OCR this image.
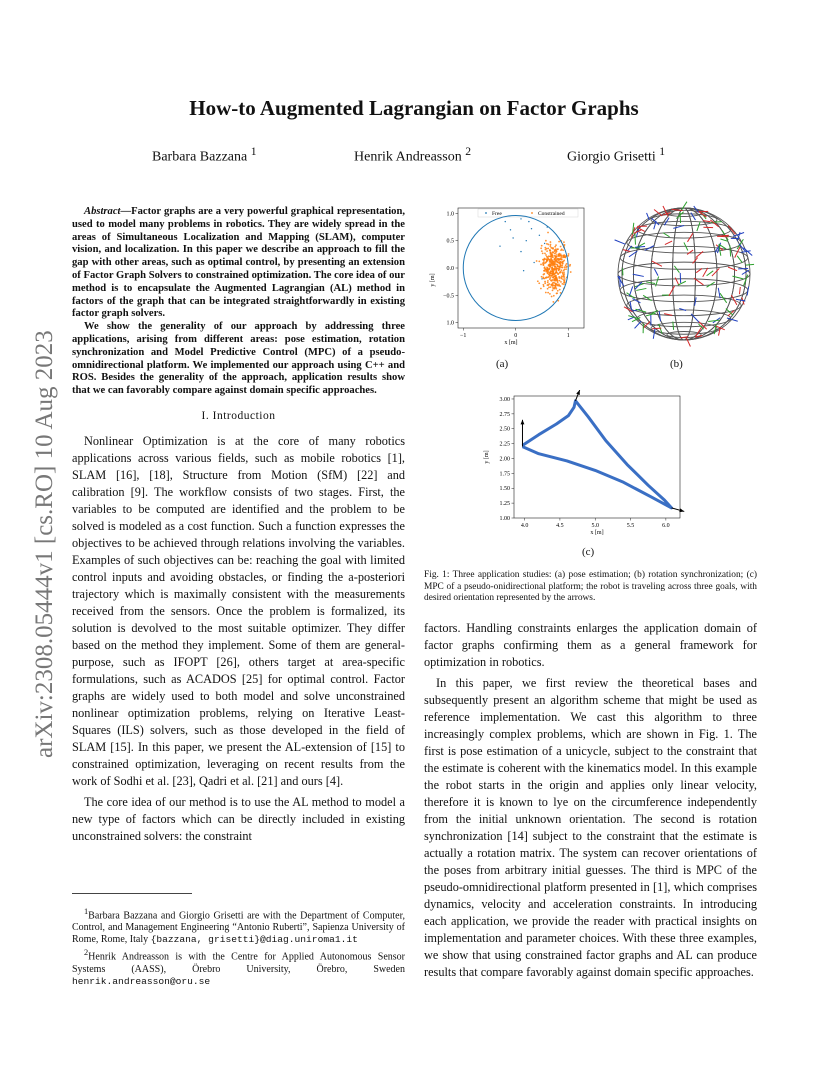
arXiv:2308.05444v1 [cs.RO] 10 Aug 2023
How-to Augmented Lagrangian on Factor Graphs
Barbara Bazzana $^1$	Henrik Andreasson $^2$	Giorgio Grisetti $^1$

Abstract—Factor graphs are a very powerful graphical representation, used to model many problems in robotics. They are widely spread in the areas of Simultaneous Localization and Mapping (SLAM), computer vision, and localization. In this paper we describe an approach to fill the gap with other areas, such as optimal control, by presenting an extension of Factor Graph Solvers to constrained optimization. The core idea of our method is to encapsulate the Augmented Lagrangian (AL) method in factors of the graph that can be integrated straightforwardly in existing factor graph solvers.

We show the generality of our approach by addressing three applications, arising from different areas: pose estimation, rotation synchronization and Model Predictive Control (MPC) of a pseudo-omnidirectional platform. We implemented our approach using C++ and ROS. Besides the generality of the approach, application results show that we can favorably compare against domain specific approaches.

I. Introduction

Nonlinear Optimization is at the core of many robotics applications across various fields, such as mobile robotics [1], SLAM [16], [18], Structure from Motion (SfM) [22] and calibration [9]. The workflow consists of two stages. First, the variables to be computed are identified and the problem to be solved is modeled as a cost function. Such a function expresses the objectives to be achieved through relations involving the variables. Examples of such objectives can be: reaching the goal with limited control inputs and avoiding obstacles, or finding the a-posteriori trajectory which is maximally consistent with the measurements received from the sensors. Once the problem is formalized, its solution is devolved to the most suitable optimizer. They differ based on the method they implement. Some of them are general-purpose, such as IFOPT [26], others target at area-specific formulations, such as ACADOS [25] for optimal control. Factor graphs are widely used to both model and solve unconstrained nonlinear optimization problems, relying on Iterative Least-Squares (ILS) solvers, such as those developed in the field of SLAM [15]. In this paper, we present the AL-extension of [15] to constrained optimization, leveraging on recent results from the work of Sodhi et al. [23], Qadri et al. [21] and ours [4].

The core idea of our method is to use the AL method to model a new type of factors which can be directly included in existing unconstrained solvers: the constraint

$^1$Barbara Bazzana and Giorgio Grisetti are with the Department of Computer, Control, and Management Engineering “Antonio Ruberti”, Sapienza University of Rome, Rome, Italy {bazzana, grisetti}@diag.uniroma1.it

$^2$Henrik Andreasson is with the Centre for Applied Autonomous Sensor Systems (AASS), Örebro University, Örebro, Sweden henrik.andreasson@oru.se

Free	Constrained
−1	0	1
1.0
0.5
0.0
−0.5
1.0
x [m]
y [m]
(a)	(b)
4.0	4.5	5.0	5.5	6.0
1.00
1.25
1.50
1.75
2.00
2.25
2.50
2.75
3.00
x [m]
y [m]
(c)
Fig. 1: Three application studies: (a) pose estimation; (b) rotation synchronization; (c) MPC of a pseudo-onidirectional platform; the robot is traveling across three goals, with desired orientation represented by the arrows.

factors. Handling constraints enlarges the application domain of factor graphs confirming them as a general framework for optimization in robotics.

In this paper, we first review the theoretical bases and subsequently present an algorithm scheme that might be used as reference implementation. We cast this algorithm to three increasingly complex problems, which are shown in Fig. 1. The first is pose estimation of a unicycle, subject to the constraint that the estimate is coherent with the kinematics model. In this example the robot starts in the origin and applies only linear velocity, therefore it is known to lye on the circumference independently from the initial unknown orientation. The second is rotation synchronization [14] subject to the constraint that the estimate is actually a rotation matrix. The system can recover orientations of the poses from arbitrary initial guesses. The third is MPC of the pseudo-omnidirectional platform presented in [1], which comprises dynamics, velocity and acceleration constraints. In introducing each application, we provide the reader with practical insights on implementation and parameter choices. With these three examples, we show that using constrained factor graphs and AL can produce results that compare favorably against domain specific approaches.
